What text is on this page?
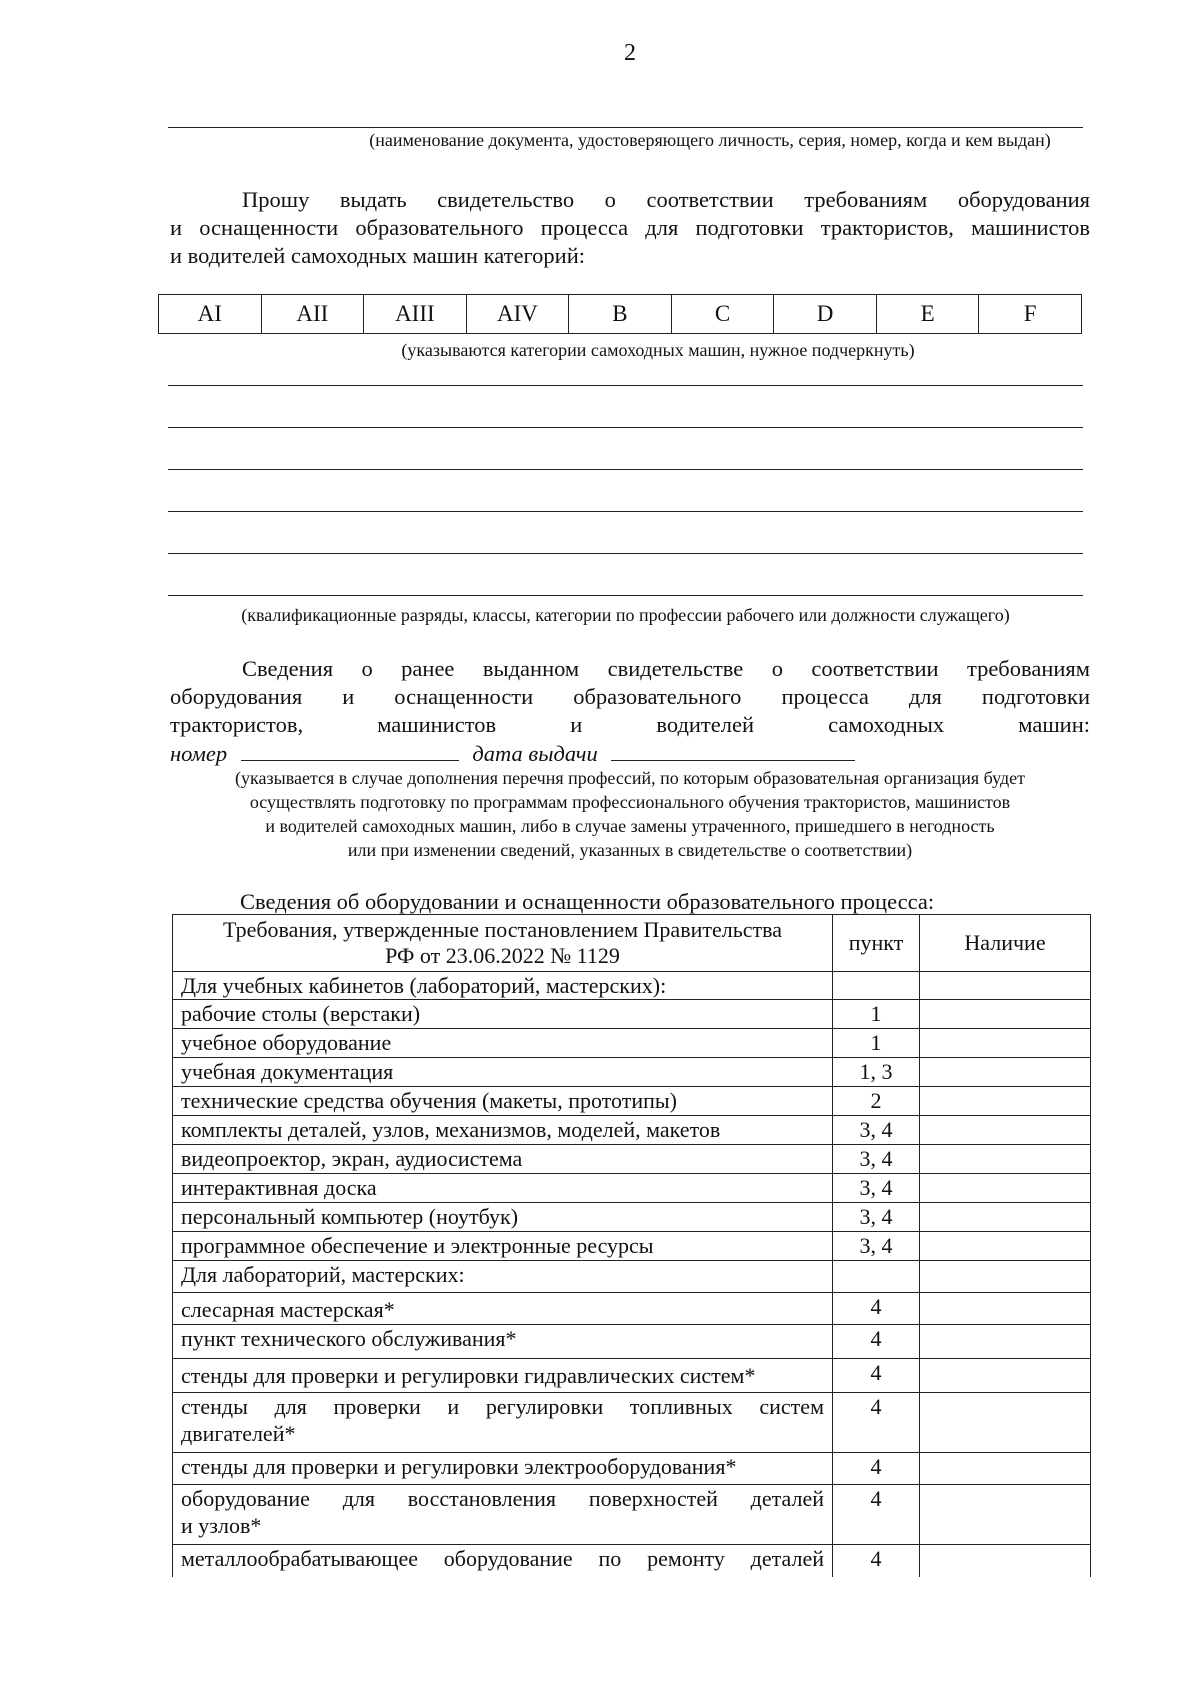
2
(наименование документа, удостоверяющего личность, серия, номер, когда и кем выдан)
Прошу выдать свидетельство о соответствии требованиям оборудования
и оснащенности образовательного процесса для подготовки трактористов, машинистов
и водителей самоходных машин категорий:
AI	AII	AIII	AIV	B	C	D	E	F
(указываются категории самоходных машин, нужное подчеркнуть)
(квалификационные разряды, классы, категории по профессии рабочего или должности служащего)
Сведения о ранее выданном свидетельстве о соответствии требованиям
оборудования и оснащенности образовательного процесса для подготовки
трактористов, машинистов и водителей самоходных машин:
номер	дата выдачи
(указывается в случае дополнения перечня профессий, по которым образовательная организация будет
осуществлять подготовку по программам профессионального обучения трактористов, машинистов
и водителей самоходных машин, либо в случае замены утраченного, пришедшего в негодность
или при изменении сведений, указанных в свидетельстве о соответствии)
Сведения об оборудовании и оснащенности образовательного процесса:
Требования, утвержденные постановлением Правительства
РФ от 23.06.2022 № 1129	пункт	Наличие
Для учебных кабинетов (лабораторий, мастерских):		
рабочие столы (верстаки)	1	
учебное оборудование	1	
учебная документация	1, 3	
технические средства обучения (макеты, прототипы)	2	
комплекты деталей, узлов, механизмов, моделей, макетов	3, 4	
видеопроектор, экран, аудиосистема	3, 4	
интерактивная доска	3, 4	
персональный компьютер (ноутбук)	3, 4	
программное обеспечение и электронные ресурсы	3, 4	
Для лабораторий, мастерских:		
слесарная мастерская*	4	
пункт технического обслуживания*	4	
стенды для проверки и регулировки гидравлических систем*	4	

стенды для проверки и регулировки топливных систем
двигателей*	4	
стенды для проверки и регулировки электрооборудования*	4	

оборудование для восстановления поверхностей деталей
и узлов*	4	

металлообрабатывающее оборудование по ремонту деталей	4	
